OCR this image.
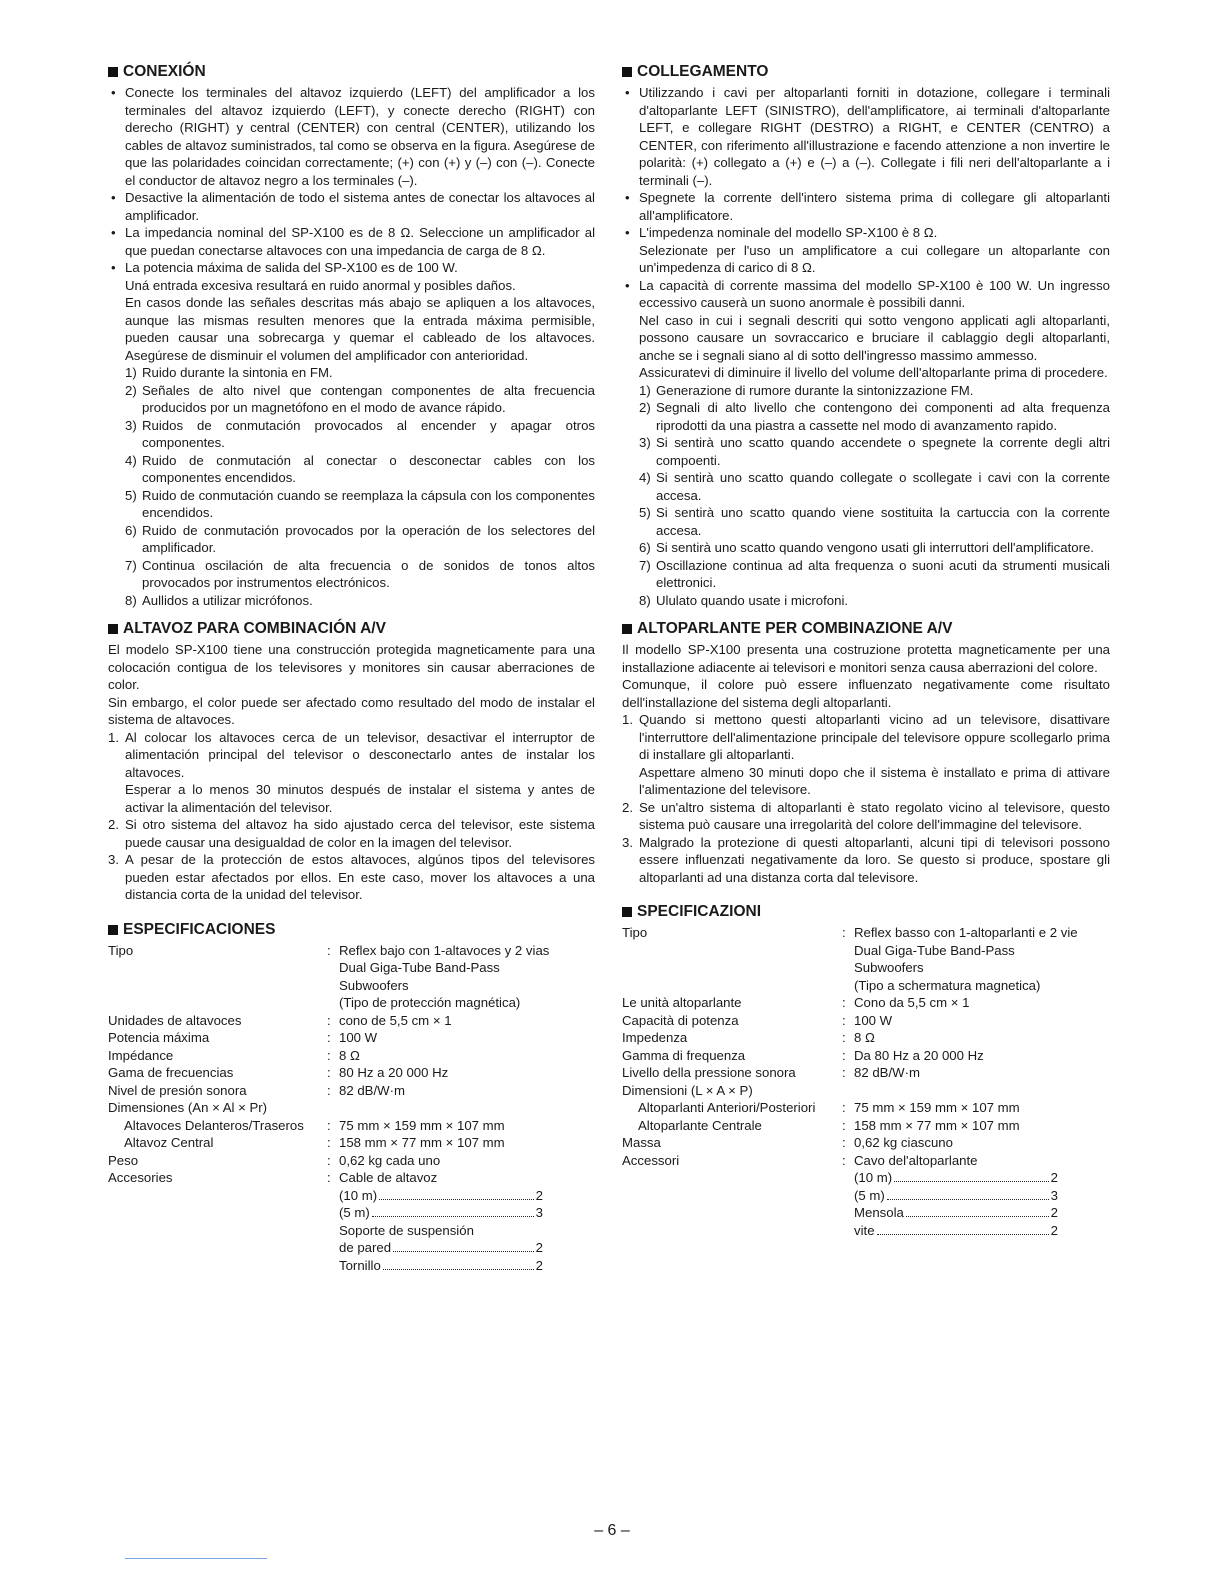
CONEXIÓN
• Conecte los terminales del altavoz izquierdo (LEFT) del amplificador a los terminales del altavoz izquierdo (LEFT), y conecte derecho (RIGHT) con derecho (RIGHT) y central (CENTER) con central (CENTER), utilizando los cables de altavoz suministrados, tal como se observa en la figura. Asegúrese de que las polaridades coincidan correctamente; (+) con (+) y (–) con (–). Conecte el conductor de altavoz negro a los terminales (–).
• Desactive la alimentación de todo el sistema antes de conectar los altavoces al amplificador.
• La impedancia nominal del SP-X100 es de 8 Ω. Seleccione un amplificador al que puedan conectarse altavoces con una impedancia de carga de 8 Ω.

• La potencia máxima de salida del SP-X100 es de 100 W.

Uná entrada excesiva resultará en ruido anormal y posibles daños.

En casos donde las señales descritas más abajo se apliquen a los altavoces, aunque las mismas resulten menores que la entrada máxima permisible, pueden causar una sobrecarga y quemar el cableado de los altavoces. Asegúrese de disminuir el volumen del amplificador con anterioridad.

1) Ruido durante la sintonia en FM.
2) Señales de alto nivel que contengan componentes de alta frecuencia producidos por un magnetófono en el modo de avance rápido.
3) Ruidos de conmutación provocados al encender y apagar otros componentes.
4) Ruido de conmutación al conectar o desconectar cables con los componentes encendidos.
5) Ruido de conmutación cuando se reemplaza la cápsula con los componentes encendidos.
6) Ruido de conmutación provocados por la operación de los selectores del amplificador.
7) Continua oscilación de alta frecuencia o de sonidos de tonos altos provocados por instrumentos electrónicos.
8) Aullidos a utilizar micrófonos.
ALTAVOZ PARA COMBINACIÓN A/V

El modelo SP-X100 tiene una construcción protegida magneticamente para una colocación contigua de los televisores y monitores sin causar aberraciones de color.

Sin embargo, el color puede ser afectado como resultado del modo de instalar el sistema de altavoces.

1. Al colocar los altavoces cerca de un televisor, desactivar el interruptor de alimentación principal del televisor o desconectarlo antes de instalar los altavoces.

Esperar a lo menos 30 minutos después de instalar el sistema y antes de activar la alimentación del televisor.

2. Si otro sistema del altavoz ha sido ajustado cerca del televisor, este sistema puede causar una desigualdad de color en la imagen del televisor.

3. A pesar de la protección de estos altavoces, algúnos tipos del televisores pueden estar afectados por ellos. En este caso, mover los altavoces a una distancia corta de la unidad del televisor.

ESPECIFICACIONES
Tipo	: Reflex bajo con 1-altavoces y 2 vias
Dual Giga-Tube Band-Pass
Subwoofers
(Tipo de protección magnética)
Unidades de altavoces	: cono de 5,5 cm × 1
Potencia máxima	: 100 W
Impédance	: 8 Ω
Gama de frecuencias	: 80 Hz a 20 000 Hz
Nivel de presión sonora	: 82 dB/W·m
Dimensiones (An × Al × Pr)
Altavoces Delanteros/Traseros	: 75 mm × 159 mm × 107 mm
Altavoz Central	: 158 mm × 77 mm × 107 mm
Peso	: 0,62 kg cada uno
Accesories	: Cable de altavoz
(10 m)	2
(5 m)	3
Soporte de suspensión
de pared	2
Tornillo	2
COLLEGAMENTO
• Utilizzando i cavi per altoparlanti forniti in dotazione, collegare i terminali d'altoparlante LEFT (SINISTRO), dell'amplificatore, ai terminali d'altoparlante LEFT, e collegare RIGHT (DESTRO) a RIGHT, e CENTER (CENTRO) a CENTER, con riferimento all'illustrazione e facendo attenzione a non invertire le polarità: (+) collegato a (+) e (–) a (–). Collegate i fili neri dell'altoparlante a i terminali (–).
• Spegnete la corrente dell'intero sistema prima di collegare gli altoparlanti all'amplificatore.

• L'impedenza nominale del modello SP-X100 è 8 Ω.

Selezionate per l'uso un amplificatore a cui collegare un altoparlante con un'impedenza di carico di 8 Ω.

• La capacità di corrente massima del modello SP-X100 è 100 W. Un ingresso eccessivo causerà un suono anormale è possibili danni.

Nel caso in cui i segnali descriti qui sotto vengono applicati agli altoparlanti, possono causare un sovraccarico e bruciare il cablaggio degli altoparlanti, anche se i segnali siano al di sotto dell'ingresso massimo ammesso.

Assicuratevi di diminuire il livello del volume dell'altoparlante prima di procedere.

1) Generazione di rumore durante la sintonizzazione FM.
2) Segnali di alto livello che contengono dei componenti ad alta frequenza riprodotti da una piastra a cassette nel modo di avanzamento rapido.
3) Si sentirà uno scatto quando accendete o spegnete la corrente degli altri compoenti.
4) Si sentirà uno scatto quando collegate o scollegate i cavi con la corrente accesa.
5) Si sentirà uno scatto quando viene sostituita la cartuccia con la corrente accesa.
6) Si sentirà uno scatto quando vengono usati gli interruttori dell'amplificatore.
7) Oscillazione continua ad alta frequenza o suoni acuti da strumenti musicali elettronici.
8) Ululato quando usate i microfoni.
ALTOPARLANTE PER COMBINAZIONE A/V

Il modello SP-X100 presenta una costruzione protetta magneticamente per una installazione adiacente ai televisori e monitori senza causa aberrazioni del colore.

Comunque, il colore può essere influenzato negativamente come risultato dell'installazione del sistema degli altoparlanti.

1. Quando si mettono questi altoparlanti vicino ad un televisore, disattivare l'interruttore dell'alimentazione principale del televisore oppure scollegarlo prima di installare gli altoparlanti.

Aspettare almeno 30 minuti dopo che il sistema è installato e prima di attivare l'alimentazione del televisore.

2. Se un'altro sistema di altoparlanti è stato regolato vicino al televisore, questo sistema può causare una irregolarità del colore dell'immagine del televisore.

3. Malgrado la protezione di questi altoparlanti, alcuni tipi di televisori possono essere influenzati negativamente da loro. Se questo si produce, spostare gli altoparlanti ad una distanza corta dal televisore.

SPECIFICAZIONI
Tipo	: Reflex basso con 1-altoparlanti e 2 vie
Dual Giga-Tube Band-Pass
Subwoofers
(Tipo a schermatura magnetica)
Le unità altoparlante	: Cono da 5,5 cm × 1
Capacità di potenza	: 100 W
Impedenza	: 8 Ω
Gamma di frequenza	: Da 80 Hz a 20 000 Hz
Livello della pressione sonora	: 82 dB/W·m
Dimensioni (L × A × P)
Altoparlanti Anteriori/Posteriori	: 75 mm × 159 mm × 107 mm
Altoparlante Centrale	: 158 mm × 77 mm × 107 mm
Massa	: 0,62 kg ciascuno
Accessori	: Cavo del'altoparlante
(10 m)	2
(5 m)	3
Mensola	2
vite	2
– 6 –
